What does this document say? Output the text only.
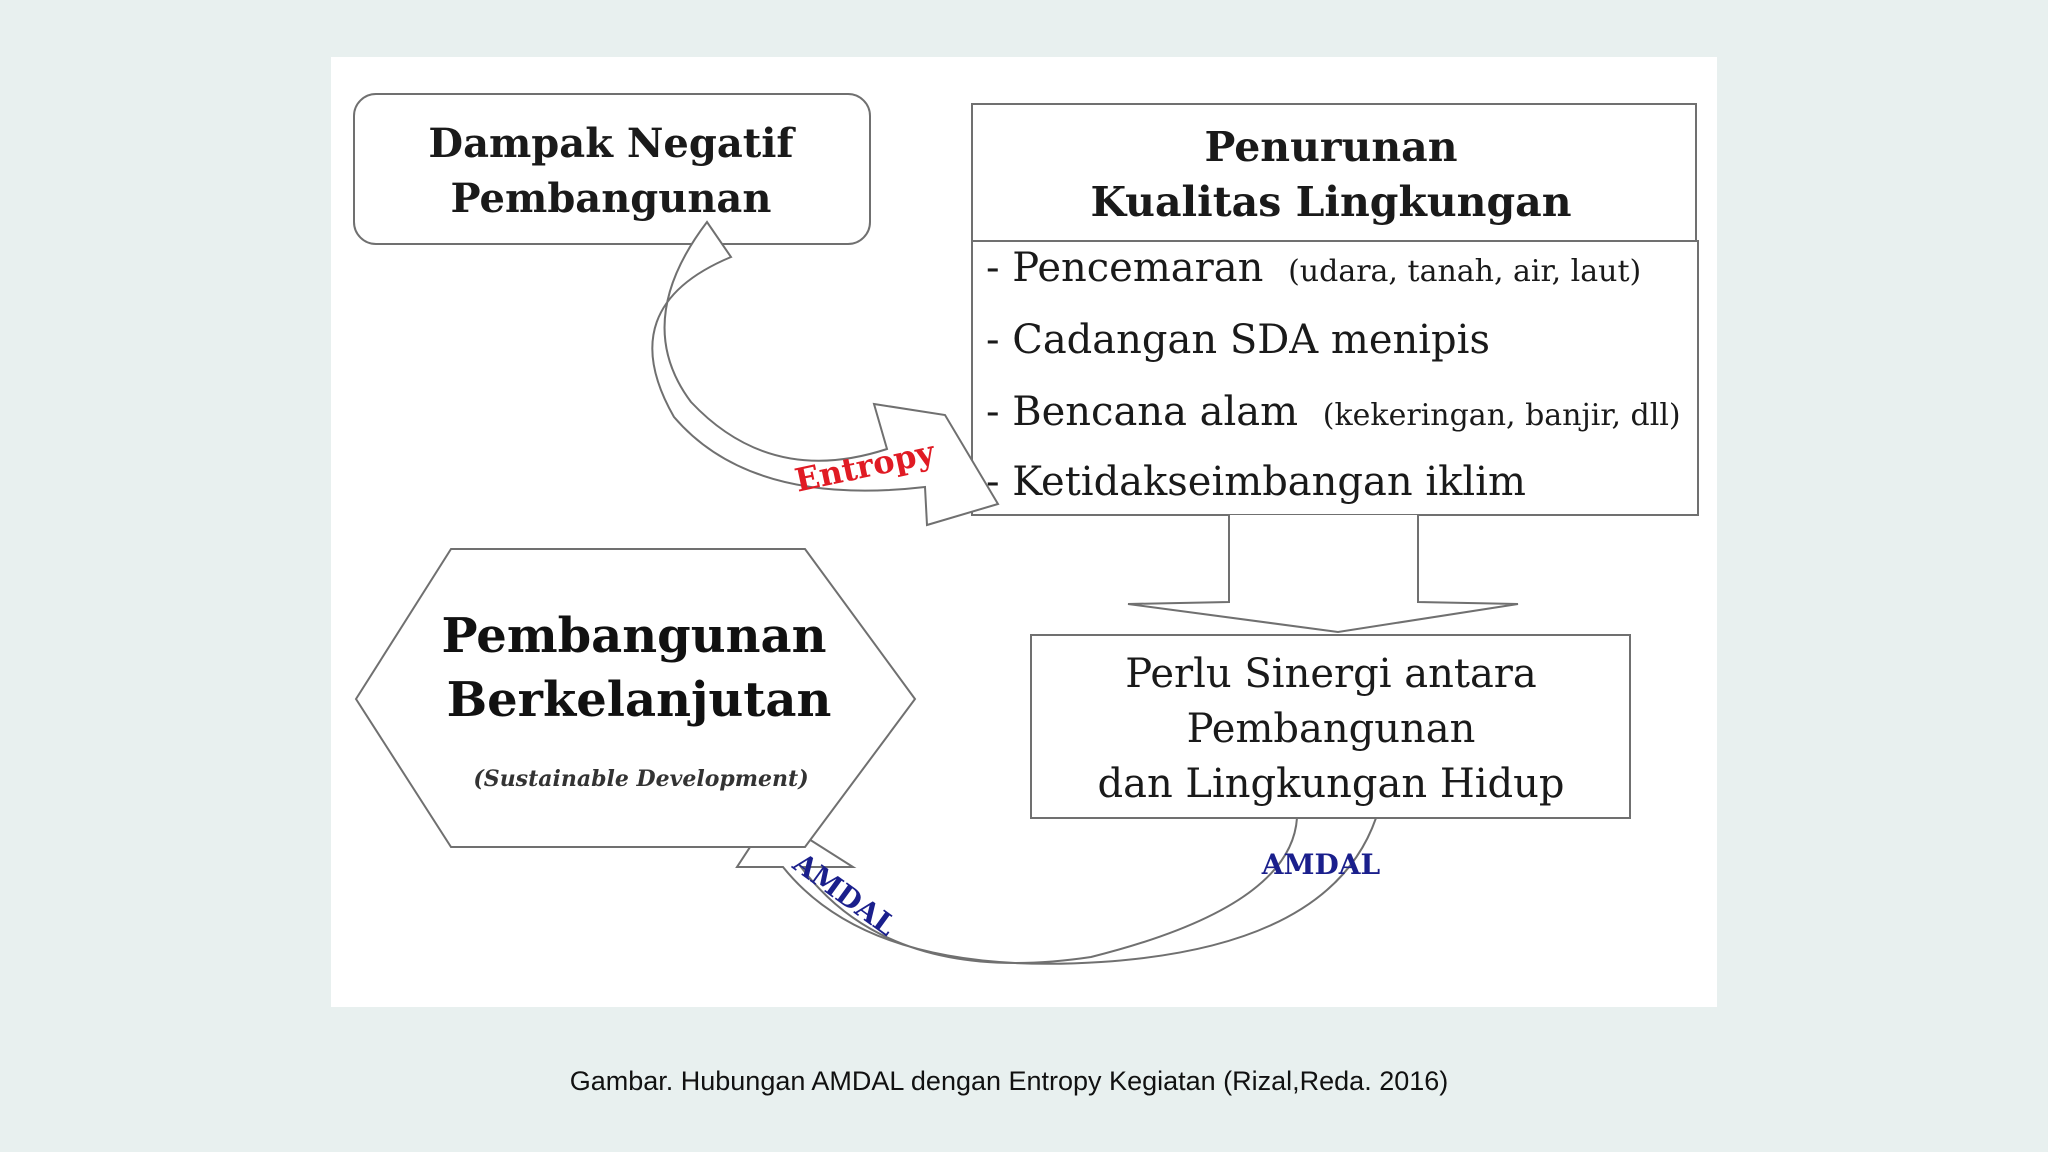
Dampak Negatif
Pembangunan
Penurunan
Kualitas Lingkungan
- Pencemaran (udara, tanah, air, laut)
- Cadangan SDA menipis
- Bencana alam (kekeringan, banjir, dll)
- Ketidakseimbangan iklim
Entropy
Perlu Sinergi antara
Pembangunan
dan Lingkungan Hidup
AMDAL	AMDAL
Pembangunan
Berkelanjutan
(Sustainable Development)
Gambar. Hubungan AMDAL dengan Entropy Kegiatan (Rizal,Reda. 2016)
